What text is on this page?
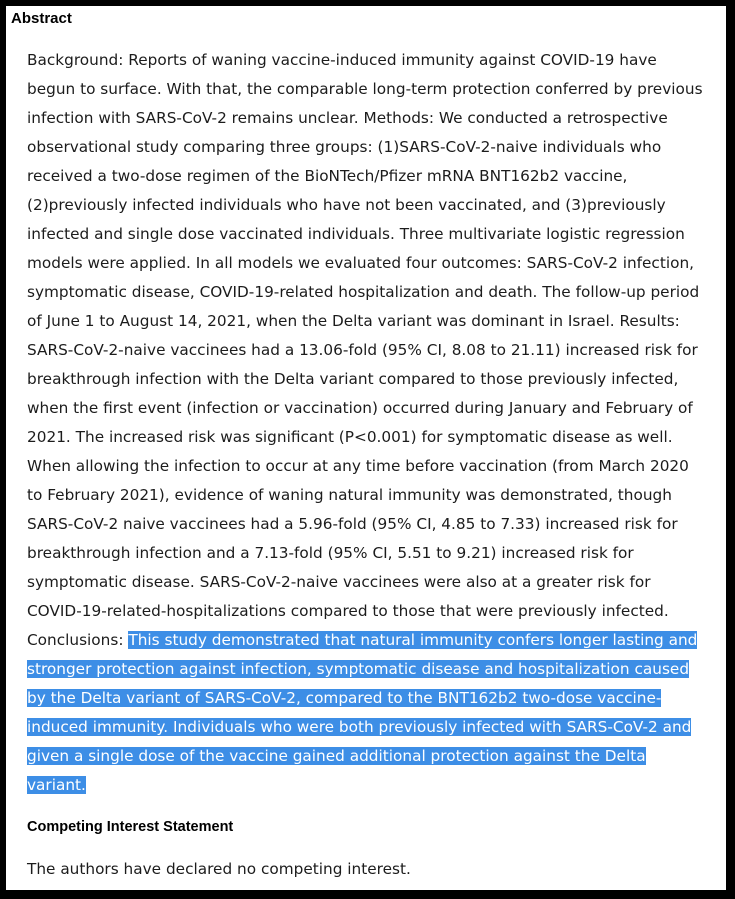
Abstract

Background: Reports of waning vaccine-induced immunity against COVID-19 have begun to surface. With that, the comparable long-term protection conferred by previous infection with SARS-CoV-2 remains unclear. Methods: We conducted a retrospective observational study comparing three groups: (1)SARS-CoV-2-naive individuals who received a two-dose regimen of the BioNTech/Pfizer mRNA BNT162b2 vaccine, (2)previously infected individuals who have not been vaccinated, and (3)previously infected and single dose vaccinated individuals. Three multivariate logistic regression models were applied. In all models we evaluated four outcomes: SARS-CoV-2 infection, symptomatic disease, COVID-19-related hospitalization and death. The follow-up period of June 1 to August 14, 2021, when the Delta variant was dominant in Israel. Results: SARS-CoV-2-naive vaccinees had a 13.06-fold (95% CI, 8.08 to 21.11) increased risk for breakthrough infection with the Delta variant compared to those previously infected, when the first event (infection or vaccination) occurred during January and February of 2021. The increased risk was significant (P<0.001) for symptomatic disease as well. When allowing the infection to occur at any time before vaccination (from March 2020 to February 2021), evidence of waning natural immunity was demonstrated, though SARS-CoV-2 naive vaccinees had a 5.96-fold (95% CI, 4.85 to 7.33) increased risk for breakthrough infection and a 7.13-fold (95% CI, 5.51 to 9.21) increased risk for symptomatic disease. SARS-CoV-2-naive vaccinees were also at a greater risk for COVID-19-related-hospitalizations compared to those that were previously infected. Conclusions: This study demonstrated that natural immunity confers longer lasting and stronger protection against infection, symptomatic disease and hospitalization caused by the Delta variant of SARS-CoV-2, compared to the BNT162b2 two-dose vaccine-induced immunity. Individuals who were both previously infected with SARS-CoV-2 and given a single dose of the vaccine gained additional protection against the Delta variant.

Competing Interest Statement

The authors have declared no competing interest.
